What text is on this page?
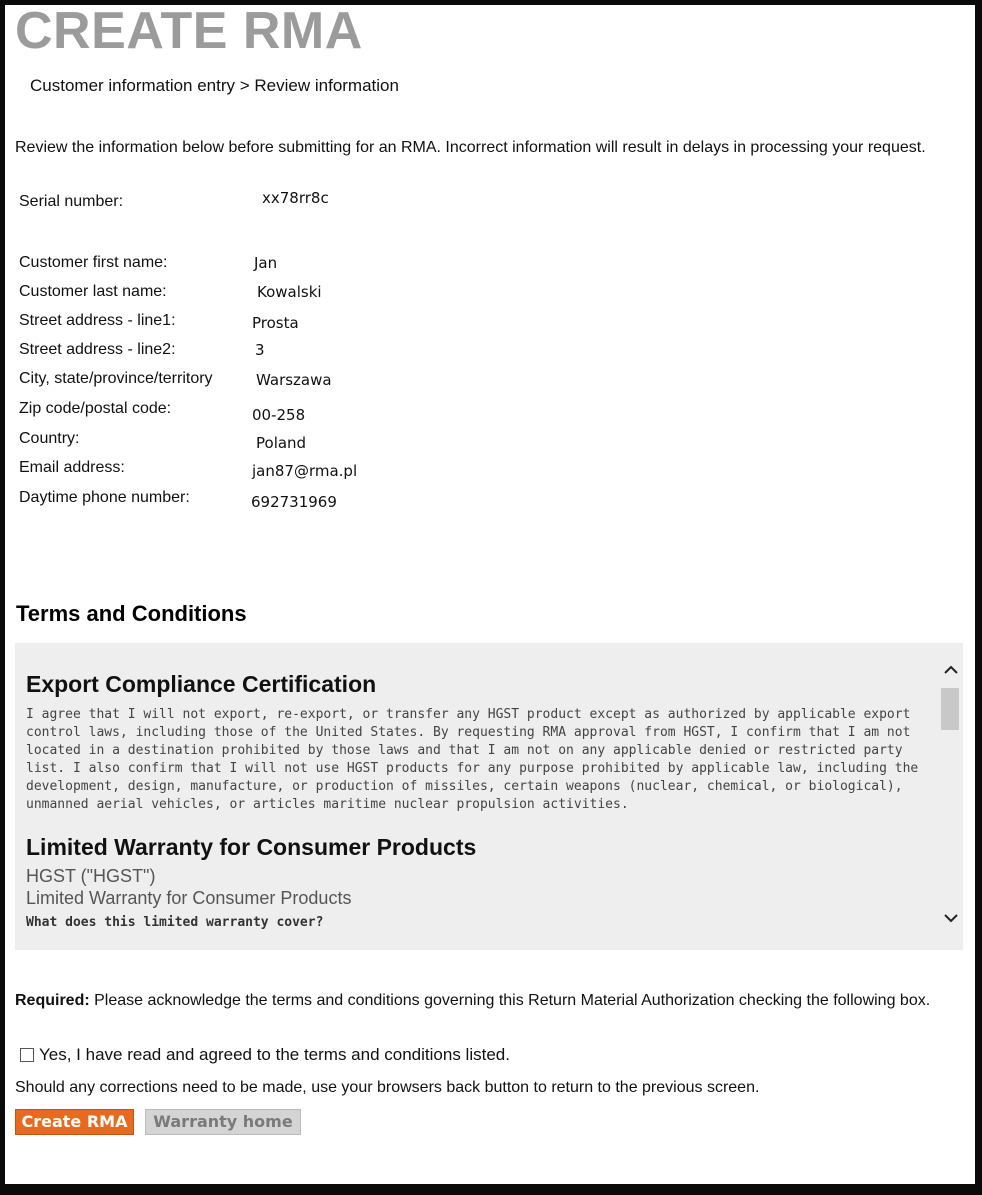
CREATE RMA
Customer information entry > Review information
Review the information below before submitting for an RMA. Incorrect information will result in delays in processing your request.
Serial number:	xx78rr8c
Customer first name:	Jan
Customer last name:	Kowalski
Street address - line1:	Prosta
Street address - line2:	3
City, state/province/territory	Warszawa
Zip code/postal code:	00-258
Country:	Poland
Email address:	jan87@rma.pl
Daytime phone number:	692731969
Terms and Conditions
Export Compliance Certification
I agree that I will not export, re-export, or transfer any HGST product except as authorized by applicable export control laws, including those of the United States. By requesting RMA approval from HGST, I confirm that I am not located in a destination prohibited by those laws and that I am not on any applicable denied or restricted party list. I also confirm that I will not use HGST products for any purpose prohibited by applicable law, including the development, design, manufacture, or production of missiles, certain weapons (nuclear, chemical, or biological), unmanned aerial vehicles, or articles maritime nuclear propulsion activities.
Limited Warranty for Consumer Products
HGST ("HGST")
Limited Warranty for Consumer Products
What does this limited warranty cover?
Required: Please acknowledge the terms and conditions governing this Return Material Authorization checking the following box.
Yes, I have read and agreed to the terms and conditions listed.
Should any corrections need to be made, use your browsers back button to return to the previous screen.
Create RMA	Warranty home
